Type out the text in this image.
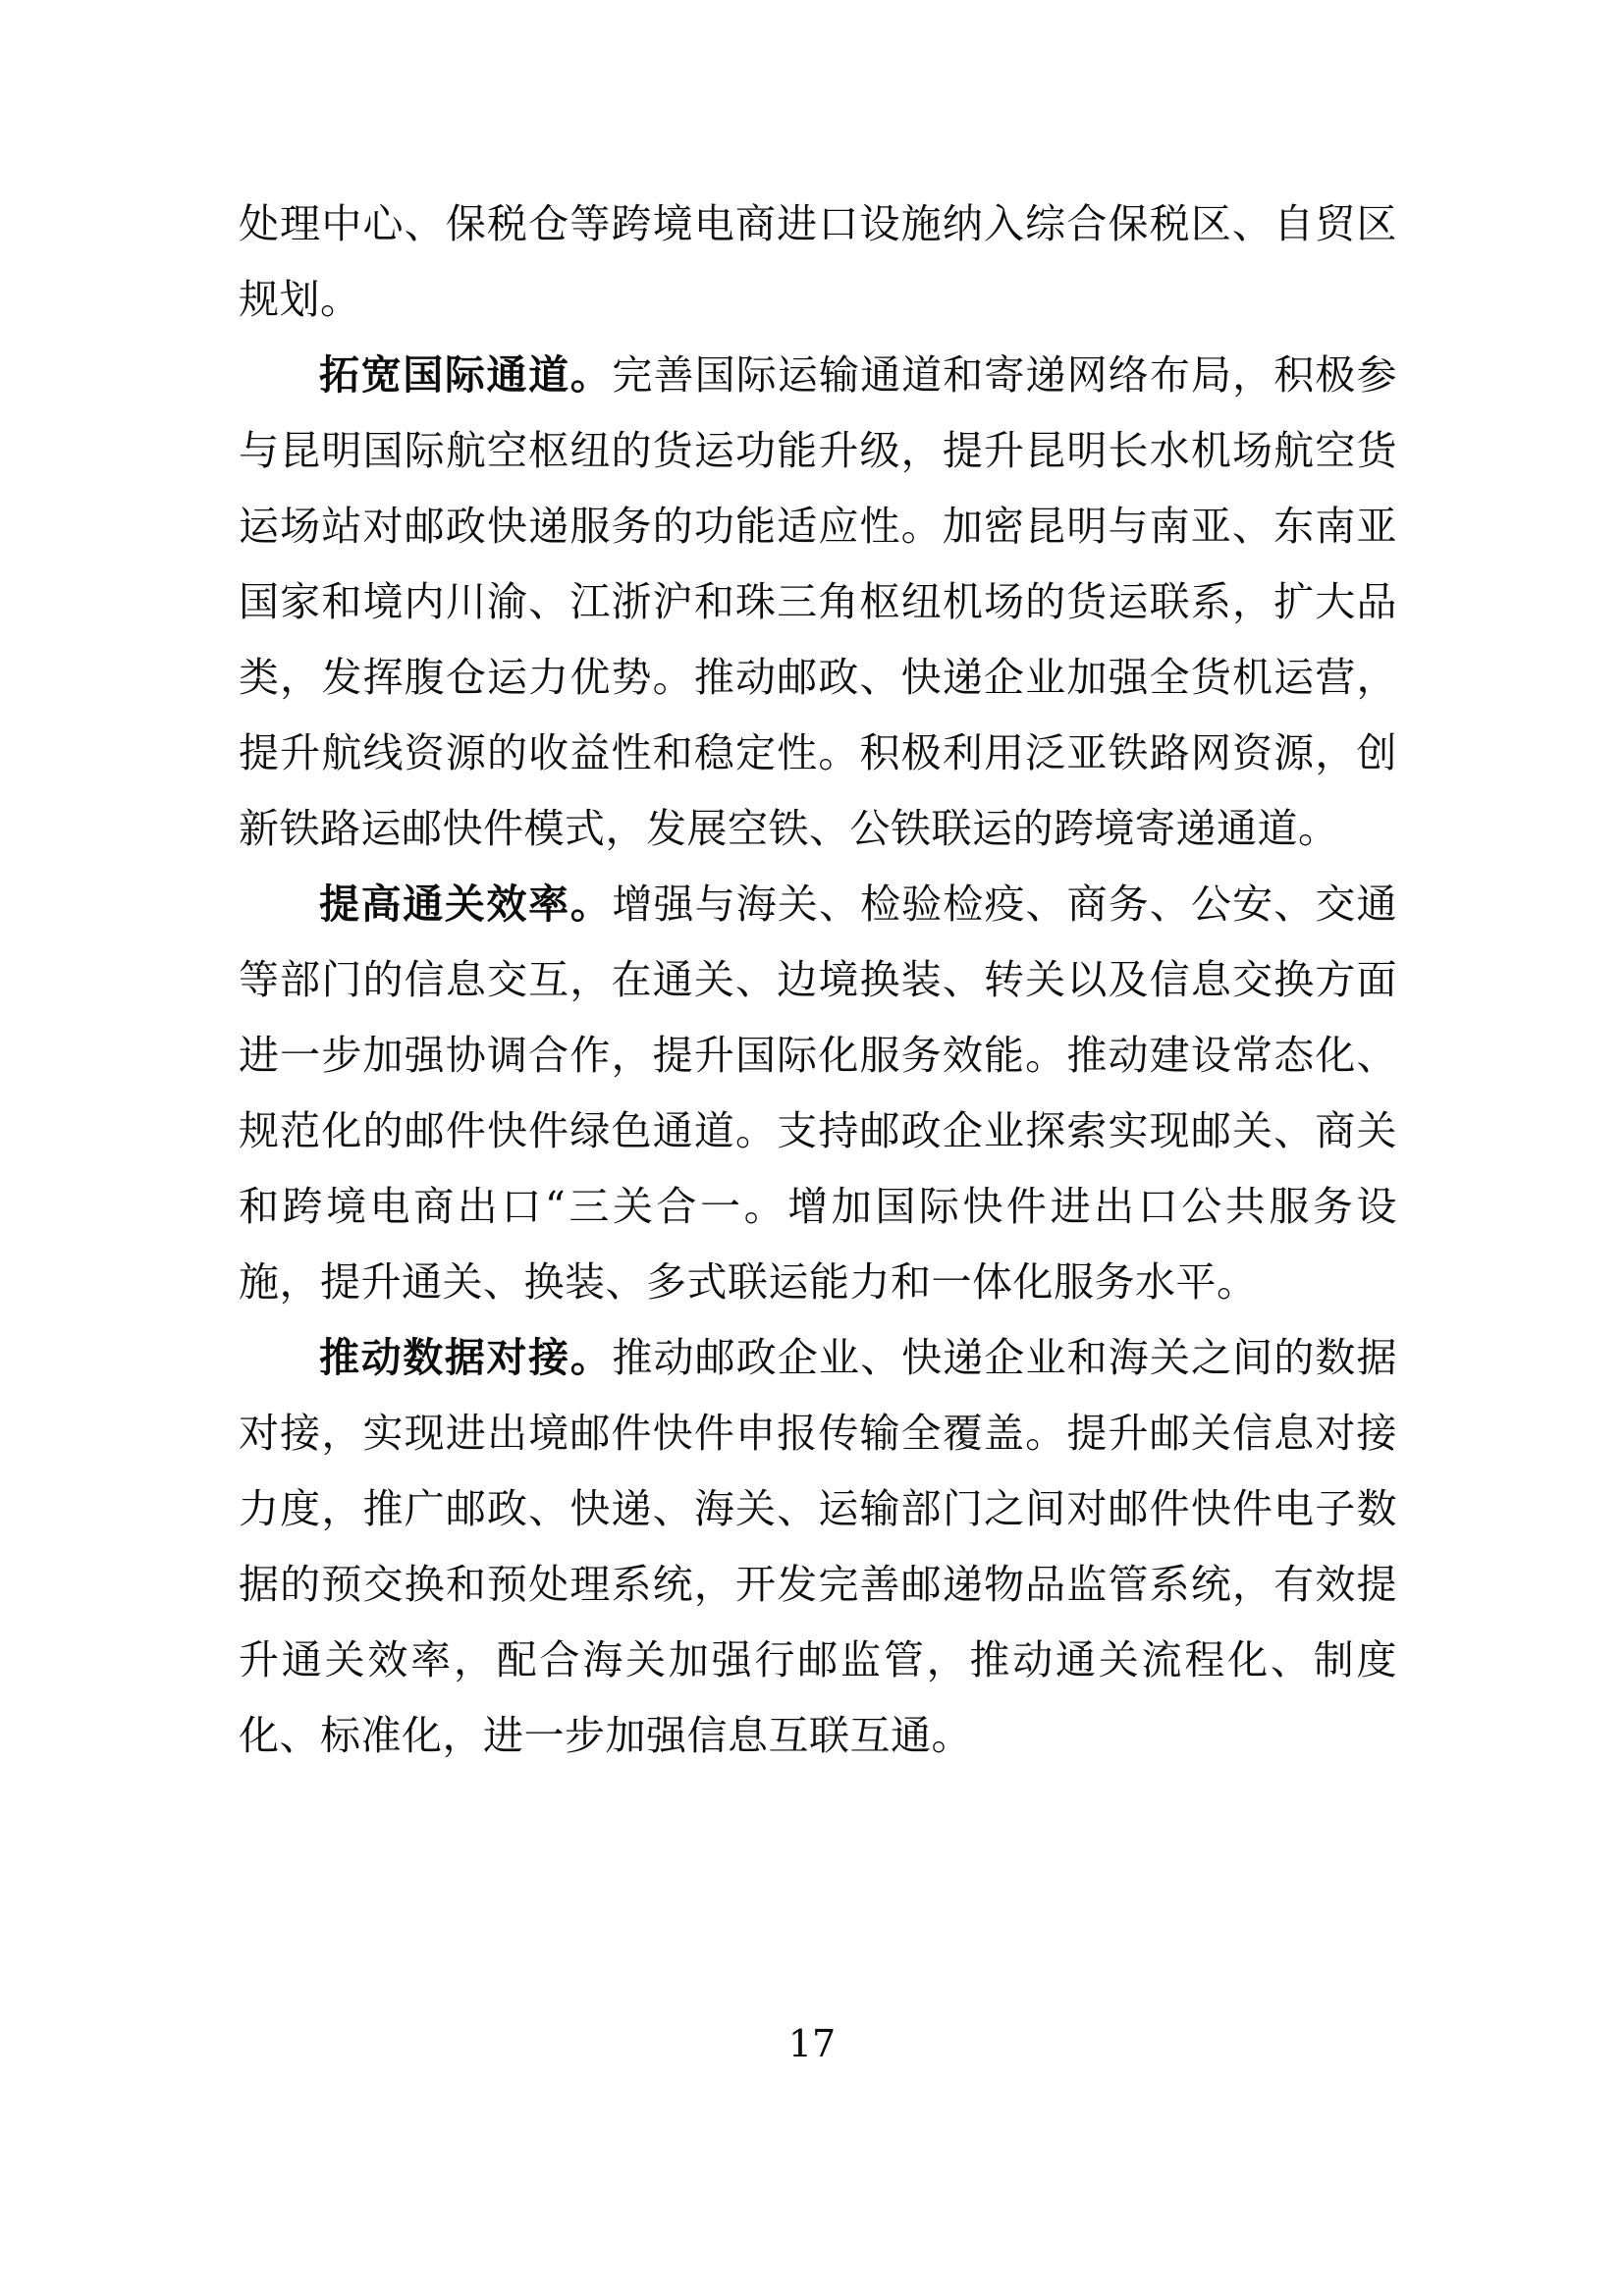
处理中心、保税仓等跨境电商进口设施纳入综合保税区、自贸区规划。

拓宽国际通道。完善国际运输通道和寄递网络布局，积极参与昆明国际航空枢纽的货运功能升级，提升昆明长水机场航空货运场站对邮政快递服务的功能适应性。加密昆明与南亚、东南亚国家和境内川渝、江浙沪和珠三角枢纽机场的货运联系，扩大品类，发挥腹仓运力优势。推动邮政、快递企业加强全货机运营，提升航线资源的收益性和稳定性。积极利用泛亚铁路网资源，创新铁路运邮快件模式，发展空铁、公铁联运的跨境寄递通道。

提高通关效率。增强与海关、检验检疫、商务、公安、交通等部门的信息交互，在通关、边境换装、转关以及信息交换方面进一步加强协调合作，提升国际化服务效能。推动建设常态化、规范化的邮件快件绿色通道。支持邮政企业探索实现邮关、商关和跨境电商出口“三关合一。增加国际快件进出口公共服务设施，提升通关、换装、多式联运能力和一体化服务水平。

推动数据对接。推动邮政企业、快递企业和海关之间的数据对接，实现进出境邮件快件申报传输全覆盖。提升邮关信息对接力度，推广邮政、快递、海关、运输部门之间对邮件快件电子数据的预交换和预处理系统，开发完善邮递物品监管系统，有效提升通关效率，配合海关加强行邮监管，推动通关流程化、制度化、标准化，进一步加强信息互联互通。

17
